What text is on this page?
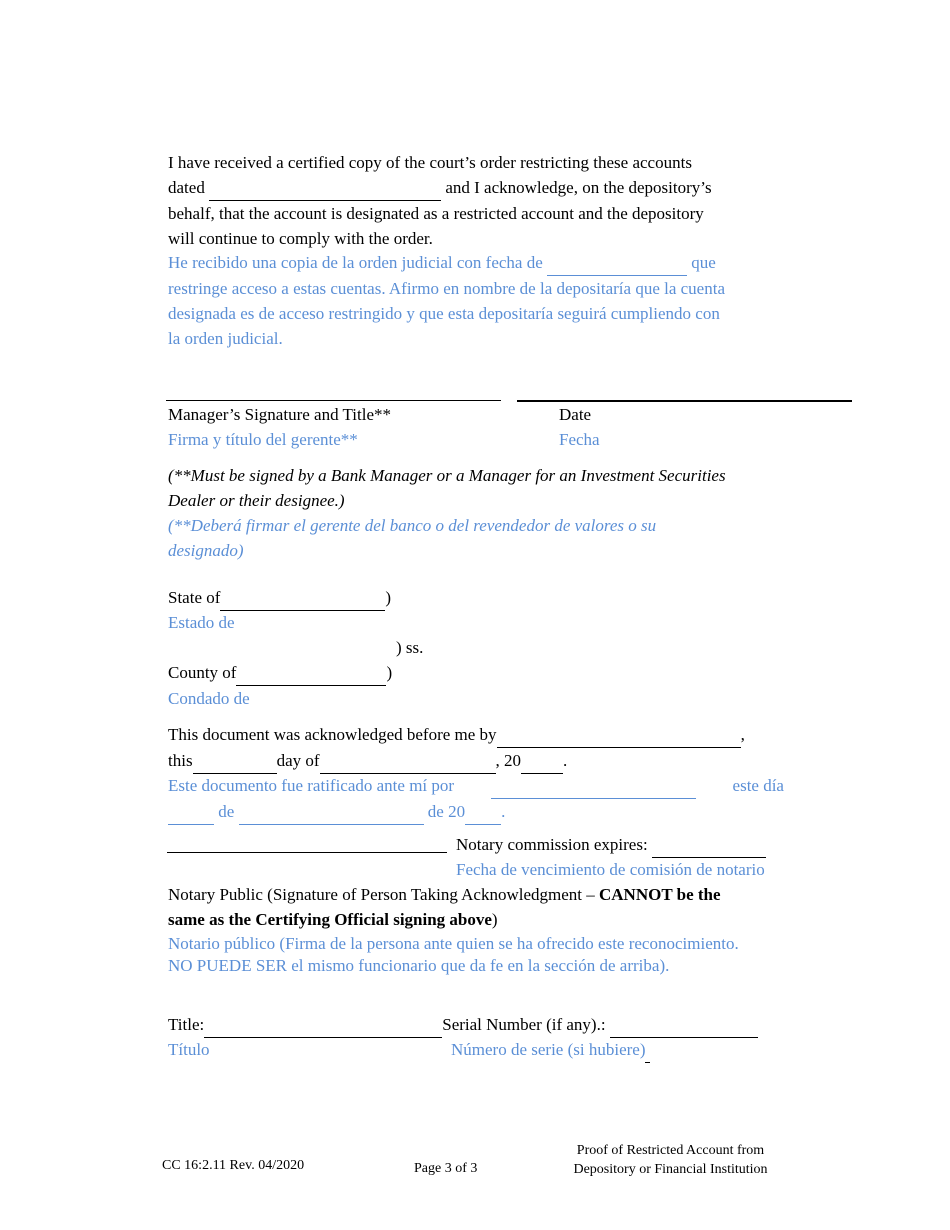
I have received a certified copy of the court’s order restricting these accounts
dated	and I acknowledge, on the depository’s
behalf, that the account is designated as a restricted account and the depository
will continue to comply with the order.
He recibido una copia de la orden judicial con fecha de	que
restringe acceso a estas cuentas. Afirmo en nombre de la depositaría que la cuenta
designada es de acceso restringido y que esta depositaría seguirá cumpliendo con
la orden judicial.
Manager’s Signature and Title**
Firma y título del gerente**
Date
Fecha
(**Must be signed by a Bank Manager or a Manager for an Investment Securities
Dealer or their designee.)
(**Deberá firmar el gerente del banco o del revendedor de valores o su
designado)
State of	)
Estado de
) ss.
County of	)
Condado de
This document was acknowledged before me by	,
this	day of	, 20 .
Este documento fue ratificado ante mí por
	este día
de	de 20 .
Notary commission expires:
Fecha de vencimiento de comisión de notario
Notary Public (Signature of Person Taking Acknowledgment – CANNOT be the
same as the Certifying Official signing above)
Notario público (Firma de la persona ante quien se ha ofrecido este reconocimiento.
NO PUEDE SER el mismo funcionario que da fe en la sección de arriba).
Title:	Serial Number (if any).:
Título	Número de serie (si hubiere)
CC 16:2.11 Rev. 04/2020	Page 3 of 3
Proof of Restricted Account from
Depository or Financial Institution
